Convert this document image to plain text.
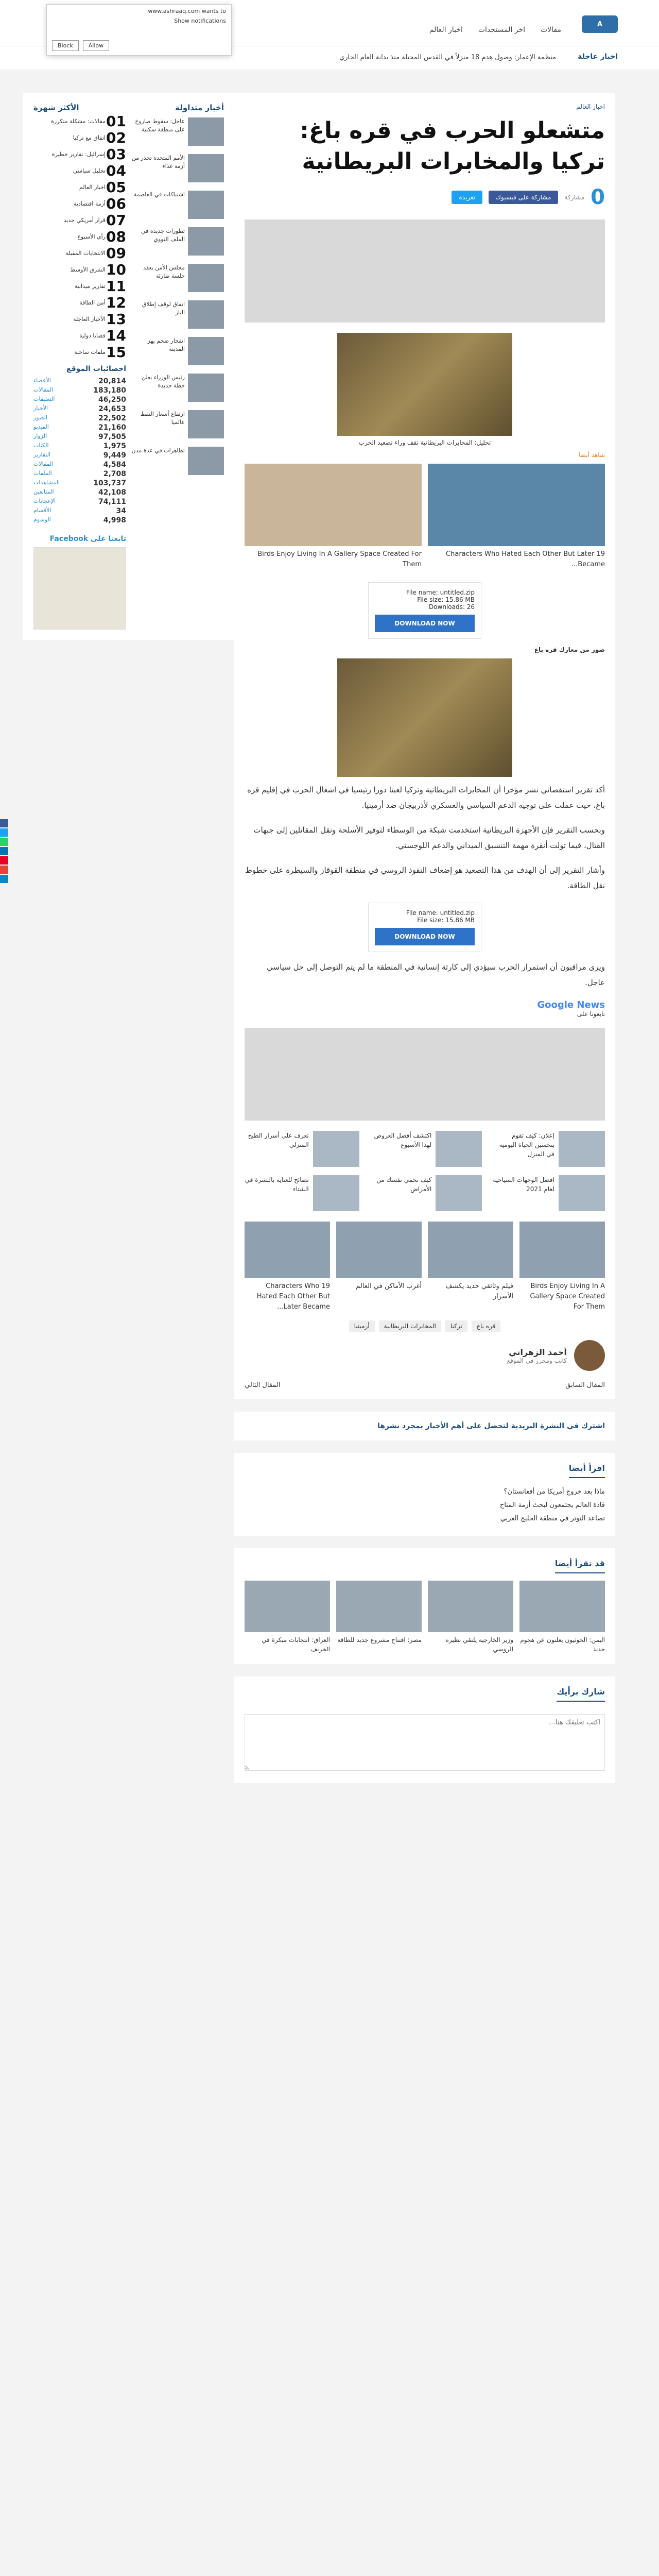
A
مقالات
اخر المستجدات
اخبار العالم
www.ashraaq.com wants to
Show notifications
Allow
Block
اخبار عاجلة
منظمة الإعمار: وصول هدم 18 منزلاً في القدس المحتلة منذ بداية العام الجاري
اخبار العالم
متشعلو الحرب في قره باغ: تركيا والمخابرات البريطانية
0
مشاركة
مشاركة على فيسبوك
تغريدة
تحليل: المخابرات البريطانية تقف وراء تصعيد الحرب
شاهد أيضا

19 Characters Who Hated Each Other But Later Became...

Birds Enjoy Living In A Gallery Space Created For Them

File name: untitled.zip
File size: 15.86 MB
Downloads: 26
DOWNLOAD NOW
صور من معارك قره باغ

أكد تقرير استقصائي نشر مؤخرا أن المخابرات البريطانية وتركيا لعبتا دورا رئيسيا في اشعال الحرب في إقليم قره باغ، حيث عملت على توجيه الدعم السياسي والعسكري لأذربيجان ضد أرمينيا.

وبحسب التقرير فإن الأجهزة البريطانية استخدمت شبكة من الوسطاء لتوفير الأسلحة ونقل المقاتلين إلى جبهات القتال، فيما تولت أنقرة مهمة التنسيق الميداني والدعم اللوجستي.

وأشار التقرير إلى أن الهدف من هذا التصعيد هو إضعاف النفوذ الروسي في منطقة القوقاز والسيطرة على خطوط نقل الطاقة.

File name: untitled.zip
File size: 15.86 MB
DOWNLOAD NOW

ويرى مراقبون أن استمرار الحرب سيؤدي إلى كارثة إنسانية في المنطقة ما لم يتم التوصل إلى حل سياسي عاجل.

Google News
تابعونا على
إعلان: كيف تقوم بتحسين الحياة اليومية في المنزل
اكتشف أفضل العروض لهذا الأسبوع
تعرف على أسرار الطبخ المنزلي
افضل الوجهات السياحية لعام 2021
كيف تحمي نفسك من الأمراض
نصائح للعناية بالبشرة في الشتاء

Birds Enjoy Living In A Gallery Space Created For Them

فيلم وثائقي جديد يكشف الأسرار

أغرب الأماكن في العالم

19 Characters Who Hated Each Other But Later Became...

قره باغ
تركيا
المخابرات البريطانية
أرمينيا
أحمد الزهراني
كاتب ومحرر في الموقع
المقال السابق
المقال التالي
اشترك في النشرة البريدية لتحصل على أهم الأخبار بمجرد نشرها
اقرأ أيضا

ماذا بعد خروج أمريكا من أفغانستان؟

قادة العالم يجتمعون لبحث أزمة المناخ

تصاعد التوتر في منطقة الخليج العربي

قد تقرأ أيضا

اليمن: الحوثيون يعلنون عن هجوم جديد

وزير الخارجية يلتقي نظيره الروسي

مصر: افتتاح مشروع جديد للطاقة

العراق: انتخابات مبكرة في الخريف

شارك برأيك اكتب تعليقك هنا...
أخبار متداولة
الأكثر شهرة
عاجل: سقوط صاروخ على منطقة سكنية
الأمم المتحدة تحذر من أزمة غذاء
اشتباكات في العاصمة
تطورات جديدة في الملف النووي
مجلس الأمن يعقد جلسة طارئة
اتفاق لوقف إطلاق النار
انفجار ضخم يهز المدينة
رئيس الوزراء يعلن خطة جديدة
ارتفاع أسعار النفط عالميا
تظاهرات في عدة مدن
01
مقالات: مشكلة متكررة
02
اتفاق مع تركيا
03
إسرائيل: تقارير خطيرة
04
تحليل سياسي
05
اخبار العالم
06
أزمة اقتصادية
07
قرار أمريكي جديد
08
رأي الأسبوع
09
الانتخابات المقبلة
10
الشرق الأوسط
11
تقارير ميدانية
12
أمن الطاقة
13
الأخبار العاجلة
14
قضايا دولية
15
ملفات ساخنة
احصائيات الموقع
20,814
الأعضاء
183,180
المقالات
46,250
التعليقات
24,653
الأخبار
22,502
الصور
21,160
الفيديو
97,505
الزوار
1,975
الكتاب
9,449
التقارير
4,584
المقالات
2,708
الملفات
103,737
المشاهدات
42,108
المتابعين
74,111
الإعجابات
34
الأقسام
4,998
الوسوم
تابعنا على Facebook
